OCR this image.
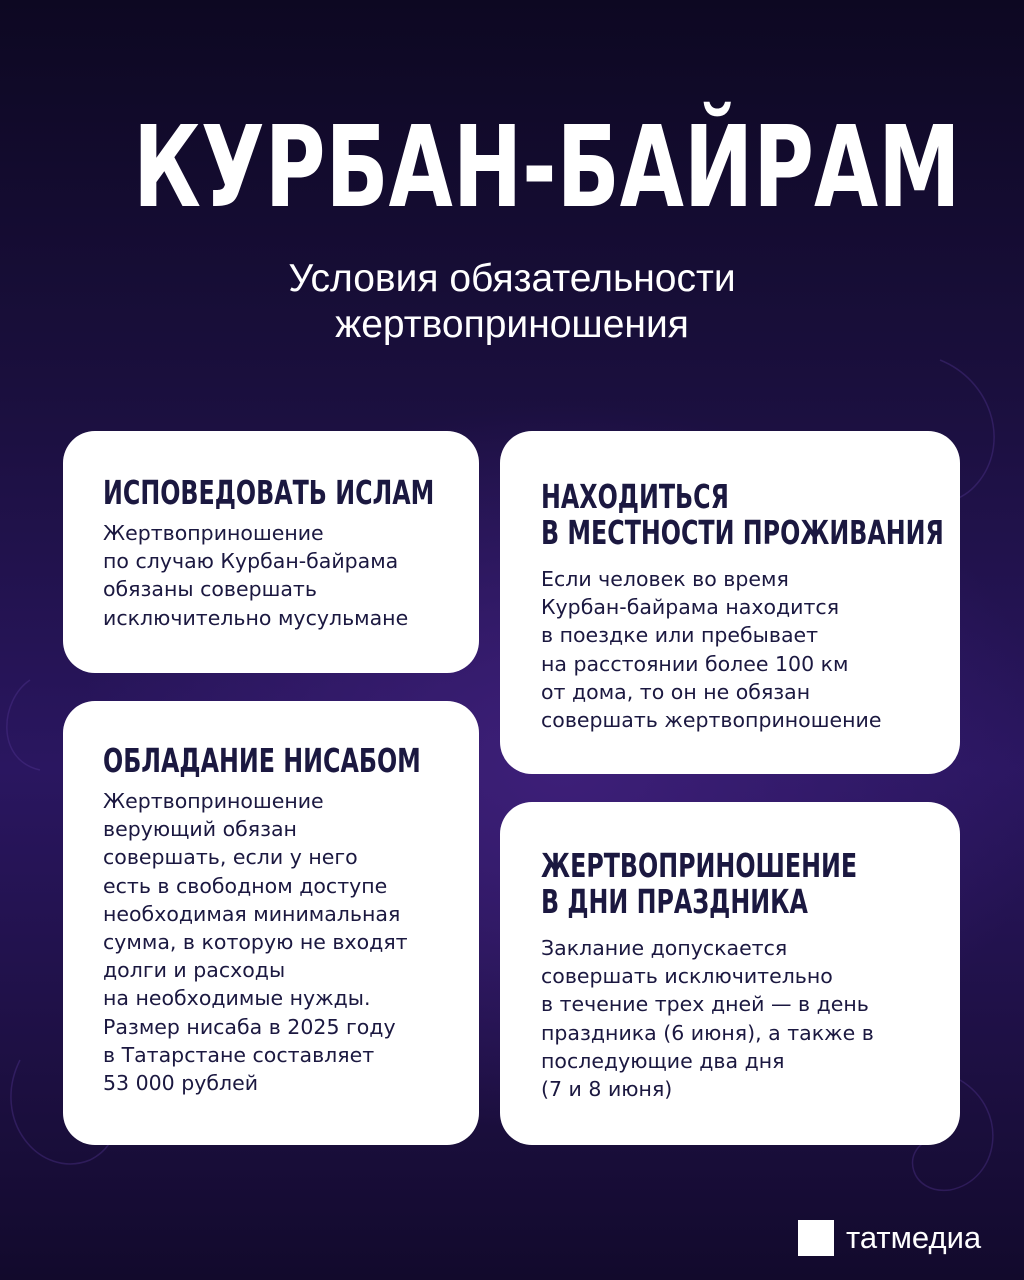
КУРБАН-БАЙРАМ
Условия обязательности
жертвоприношения
ИСПОВЕДОВАТЬ ИСЛАМ

Жертвоприношение
по случаю Курбан-байрама
обязаны совершать
исключительно мусульмане

НАХОДИТЬСЯ
В МЕСТНОСТИ ПРОЖИВАНИЯ

Если человек во время
Курбан-байрама находится
в поездке или пребывает
на расстоянии более 100 км
от дома, то он не обязан
совершать жертвоприношение

ОБЛАДАНИЕ НИСАБОМ

Жертвоприношение
верующий обязан
совершать, если у него
есть в свободном доступе
необходимая минимальная
сумма, в которую не входят
долги и расходы
на необходимые нужды.
Размер нисаба в 2025 году
в Татарстане составляет
53 000 рублей

ЖЕРТВОПРИНОШЕНИЕ
В ДНИ ПРАЗДНИКА

Заклание допускается
совершать исключительно
в течение трех дней — в день
праздника (6 июня), а также в
последующие два дня
(7 и 8 июня)

татмедиа
